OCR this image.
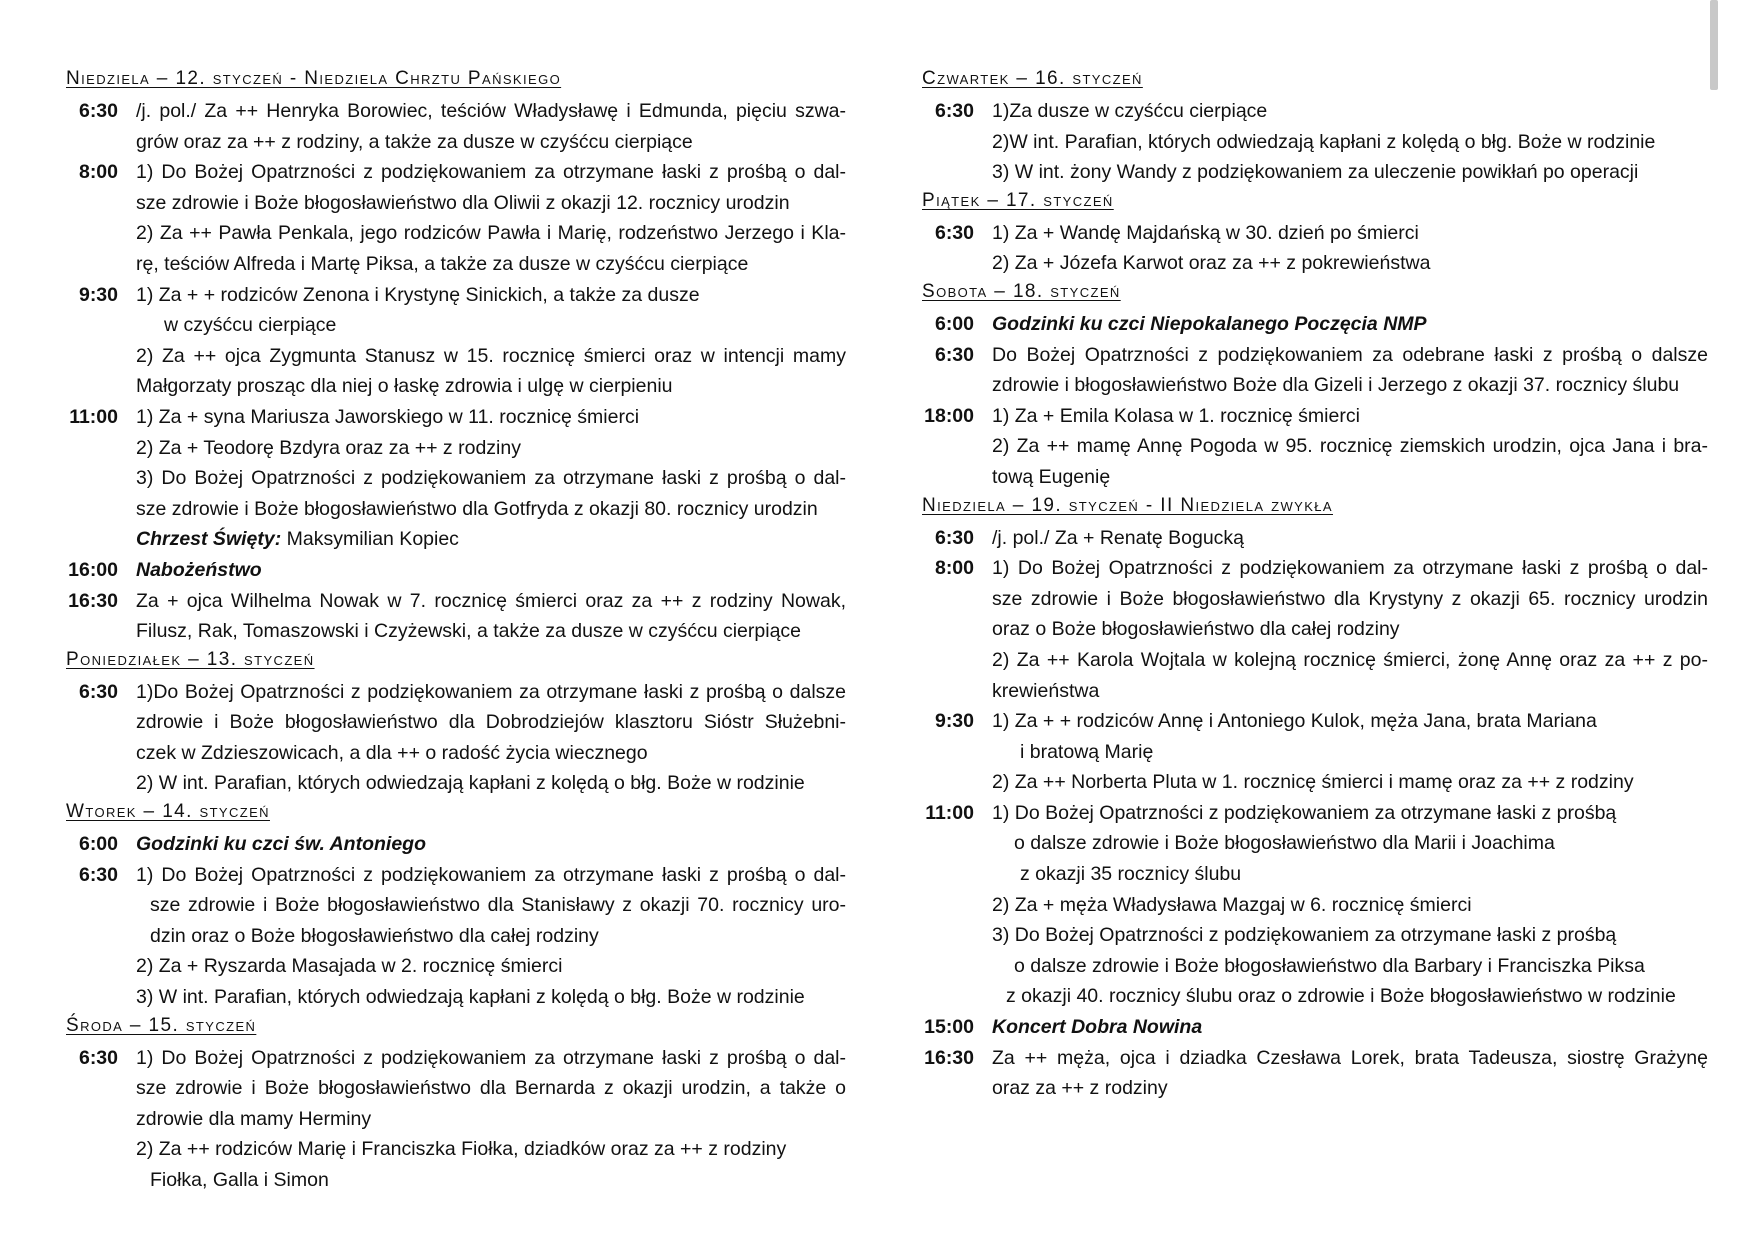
Niedziela – 12. styczeń - Niedziela Chrztu Pańskiego
6:30 /j. pol./ Za ++ Henryka Borowiec, teściów Władysławę i Edmunda, pięciu szwa-
grów oraz za ++ z rodziny, a także za dusze w czyśćcu cierpiące
8:00 1) Do Bożej Opatrzności z podziękowaniem za otrzymane łaski z prośbą o dal-
sze zdrowie i Boże błogosławieństwo dla Oliwii z okazji 12. rocznicy urodzin
2) Za ++ Pawła Penkala, jego rodziców Pawła i Marię, rodzeństwo Jerzego i Kla-
rę, teściów Alfreda i Martę Piksa, a także za dusze w czyśćcu cierpiące
9:30 1) Za + + rodziców Zenona i Krystynę Sinickich, a także za dusze
w czyśćcu cierpiące
2) Za ++ ojca Zygmunta Stanusz w 15. rocznicę śmierci oraz w intencji mamy
Małgorzaty prosząc dla niej o łaskę zdrowia i ulgę w cierpieniu
11:00 1) Za + syna Mariusza Jaworskiego w 11. rocznicę śmierci
2) Za + Teodorę Bzdyra oraz za ++ z rodziny
3) Do Bożej Opatrzności z podziękowaniem za otrzymane łaski z prośbą o dal-
sze zdrowie i Boże błogosławieństwo dla Gotfryda z okazji 80. rocznicy urodzin
Chrzest Święty: Maksymilian Kopiec
16:00 Nabożeństwo
16:30 Za + ojca Wilhelma Nowak w 7. rocznicę śmierci oraz za ++ z rodziny Nowak,
Filusz, Rak, Tomaszowski i Czyżewski, a także za dusze w czyśćcu cierpiące
Poniedziałek – 13. styczeń
6:30 1)Do Bożej Opatrzności z podziękowaniem za otrzymane łaski z prośbą o dalsze
zdrowie i Boże błogosławieństwo dla Dobrodziejów klasztoru Sióstr Służebni-
czek w Zdzieszowicach, a dla ++ o radość życia wiecznego
2) W int. Parafian, których odwiedzają kapłani z kolędą o błg. Boże w rodzinie
Wtorek – 14. styczeń
6:00 Godzinki ku czci św. Antoniego
6:30 1) Do Bożej Opatrzności z podziękowaniem za otrzymane łaski z prośbą o dal-
sze zdrowie i Boże błogosławieństwo dla Stanisławy z okazji 70. rocznicy uro-
dzin oraz o Boże błogosławieństwo dla całej rodziny
2) Za + Ryszarda Masajada w 2. rocznicę śmierci
3) W int. Parafian, których odwiedzają kapłani z kolędą o błg. Boże w rodzinie
Środa – 15. styczeń
6:30 1) Do Bożej Opatrzności z podziękowaniem za otrzymane łaski z prośbą o dal-
sze zdrowie i Boże błogosławieństwo dla Bernarda z okazji urodzin, a także o
zdrowie dla mamy Herminy
2) Za ++ rodziców Marię i Franciszka Fiołka, dziadków oraz za ++ z rodziny
Fiołka, Galla i Simon
Czwartek – 16. styczeń
6:30 1)Za dusze w czyśćcu cierpiące
2)W int. Parafian, których odwiedzają kapłani z kolędą o błg. Boże w rodzinie
3) W int. żony Wandy z podziękowaniem za uleczenie powikłań po operacji
Piątek – 17. styczeń
6:30 1) Za + Wandę Majdańską w 30. dzień po śmierci
2) Za + Józefa Karwot oraz za ++ z pokrewieństwa
Sobota – 18. styczeń
6:00 Godzinki ku czci Niepokalanego Poczęcia NMP
6:30 Do Bożej Opatrzności z podziękowaniem za odebrane łaski z prośbą o dalsze
zdrowie i błogosławieństwo Boże dla Gizeli i Jerzego z okazji 37. rocznicy ślubu
18:00 1) Za + Emila Kolasa w 1. rocznicę śmierci
2) Za ++ mamę Annę Pogoda w 95. rocznicę ziemskich urodzin, ojca Jana i bra-
tową Eugenię
Niedziela – 19. styczeń - II Niedziela zwykła
6:30 /j. pol./ Za + Renatę Bogucką
8:00 1) Do Bożej Opatrzności z podziękowaniem za otrzymane łaski z prośbą o dal-
sze zdrowie i Boże błogosławieństwo dla Krystyny z okazji 65. rocznicy urodzin
oraz o Boże błogosławieństwo dla całej rodziny
2) Za ++ Karola Wojtala w kolejną rocznicę śmierci, żonę Annę oraz za ++ z po-
krewieństwa
9:30 1) Za + + rodziców Annę i Antoniego Kulok, męża Jana, brata Mariana
i bratową Marię
2) Za ++ Norberta Pluta w 1. rocznicę śmierci i mamę oraz za ++ z rodziny
11:00 1) Do Bożej Opatrzności z podziękowaniem za otrzymane łaski z prośbą
o dalsze zdrowie i Boże błogosławieństwo dla Marii i Joachima
z okazji 35 rocznicy ślubu
2) Za + męża Władysława Mazgaj w 6. rocznicę śmierci
3) Do Bożej Opatrzności z podziękowaniem za otrzymane łaski z prośbą
o dalsze zdrowie i Boże błogosławieństwo dla Barbary i Franciszka Piksa
z okazji 40. rocznicy ślubu oraz o zdrowie i Boże błogosławieństwo w rodzinie
15:00 Koncert Dobra Nowina
16:30 Za ++ męża, ojca i dziadka Czesława Lorek, brata Tadeusza, siostrę Grażynę
oraz za ++ z rodziny
